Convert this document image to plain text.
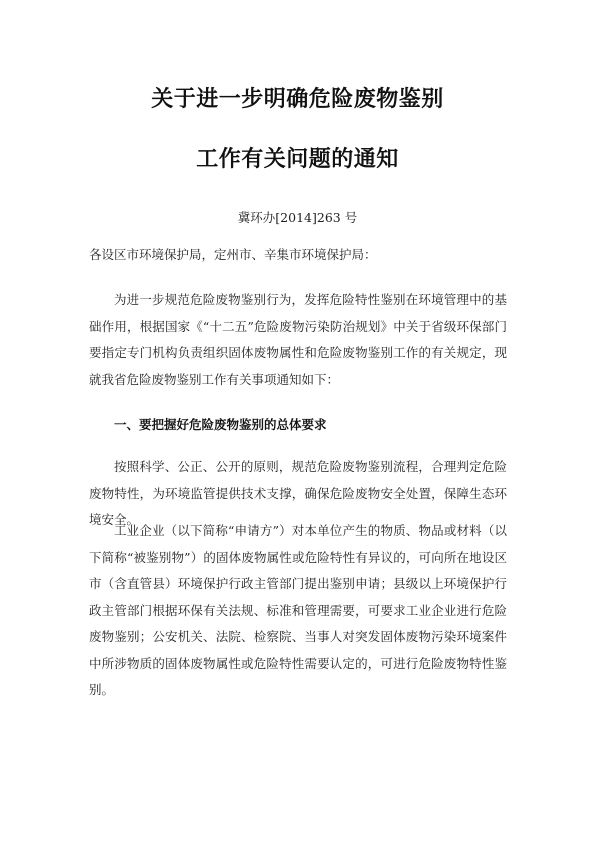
关于进一步明确危险废物鉴别
工作有关问题的通知
冀环办[2014]263 号
各设区市环境保护局，定州市、辛集市环境保护局：
为进一步规范危险废物鉴别行为，发挥危险特性鉴别在环境管理中的基础作用，根据国家《“十二五”危险废物污染防治规划》中关于省级环保部门要指定专门机构负责组织固体废物属性和危险废物鉴别工作的有关规定，现就我省危险废物鉴别工作有关事项通知如下：
一、要把握好危险废物鉴别的总体要求
按照科学、公正、公开的原则，规范危险废物鉴别流程，合理判定危险废物特性，为环境监管提供技术支撑，确保危险废物安全处置，保障生态环境安全。
工业企业（以下简称“申请方”）对本单位产生的物质、物品或材料（以下简称“被鉴别物”）的固体废物属性或危险特性有异议的，可向所在地设区市（含直管县）环境保护行政主管部门提出鉴别申请；县级以上环境保护行政主管部门根据环保有关法规、标准和管理需要，可要求工业企业进行危险废物鉴别；公安机关、法院、检察院、当事人对突发固体废物污染环境案件中所涉物质的固体废物属性或危险特性需要认定的，可进行危险废物特性鉴别。
